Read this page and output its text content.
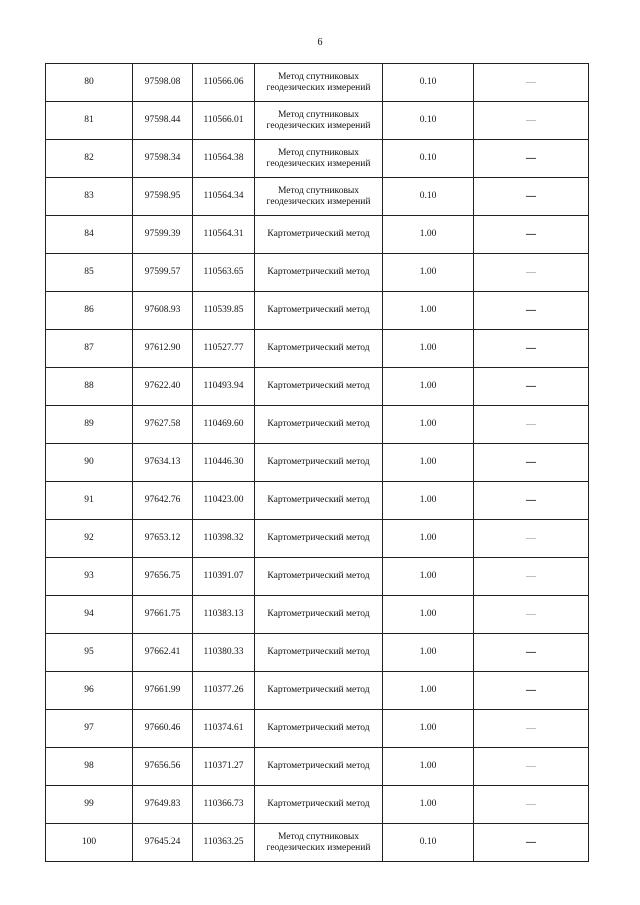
6
80	97598.08	110566.06	Метод спутниковых геодезических измерений	0.10	—
81	97598.44	110566.01	Метод спутниковых геодезических измерений	0.10	—
82	97598.34	110564.38	Метод спутниковых геодезических измерений	0.10	—
83	97598.95	110564.34	Метод спутниковых геодезических измерений	0.10	—
84	97599.39	110564.31	Картометрический метод	1.00	—
85	97599.57	110563.65	Картометрический метод	1.00	—
86	97608.93	110539.85	Картометрический метод	1.00	—
87	97612.90	110527.77	Картометрический метод	1.00	—
88	97622.40	110493.94	Картометрический метод	1.00	—
89	97627.58	110469.60	Картометрический метод	1.00	—
90	97634.13	110446.30	Картометрический метод	1.00	—
91	97642.76	110423.00	Картометрический метод	1.00	—
92	97653.12	110398.32	Картометрический метод	1.00	—
93	97656.75	110391.07	Картометрический метод	1.00	—
94	97661.75	110383.13	Картометрический метод	1.00	—
95	97662.41	110380.33	Картометрический метод	1.00	—
96	97661.99	110377.26	Картометрический метод	1.00	—
97	97660.46	110374.61	Картометрический метод	1.00	—
98	97656.56	110371.27	Картометрический метод	1.00	—
99	97649.83	110366.73	Картометрический метод	1.00	—
100	97645.24	110363.25	Метод спутниковых геодезических измерений	0.10	—
